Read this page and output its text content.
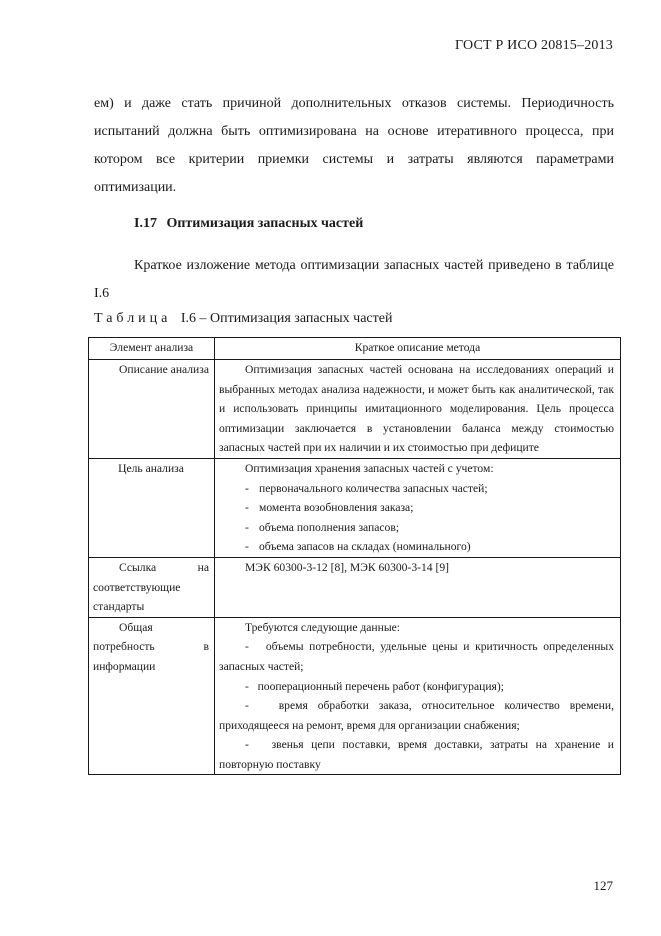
ГОСТ Р ИСО 20815–2013

ем) и даже стать причиной дополнительных отказов системы. Периодичность испытаний должна быть оптимизирована на основе итеративного процесса, при котором все критерии приемки системы и затраты являются параметрами оптимизации.

I.17 Оптимизация запасных частей

Краткое изложение метода оптимизации запасных частей приведено в таблице I.6

Таблица I.6 – Оптимизация запасных частей
Элемент анализа	Краткое описание метода

Описание анализа	Оптимизация запасных частей основана на исследованиях операций и выбранных методах анализа надежности, и может быть как аналитической, так и использовать принципы имитационного моделирования. Цель процесса оптимизации заключается в установлении баланса между стоимостью запасных частей при их наличии и их стоимостью при дефиците

Цель анализа	Оптимизация хранения запасных частей с учетом:
- первоначального количества запасных частей;
- момента возобновления заказа;
- объема пополнения запасов;
- объема запасов на складах (номинального)

Ссылка на соответствующие стандарты	МЭК 60300-3-12 [8], МЭК 60300-3-14 [9]

Общая потребность в информации	Требуются следующие данные:
- объемы потребности, удельные цены и критичность определенных запасных частей;
- пооперационный перечень работ (конфигурация);
- время обработки заказа, относительное количество времени, приходящееся на ремонт, время для организации снабжения;
- звенья цепи поставки, время доставки, затраты на хранение и повторную поставку
127
